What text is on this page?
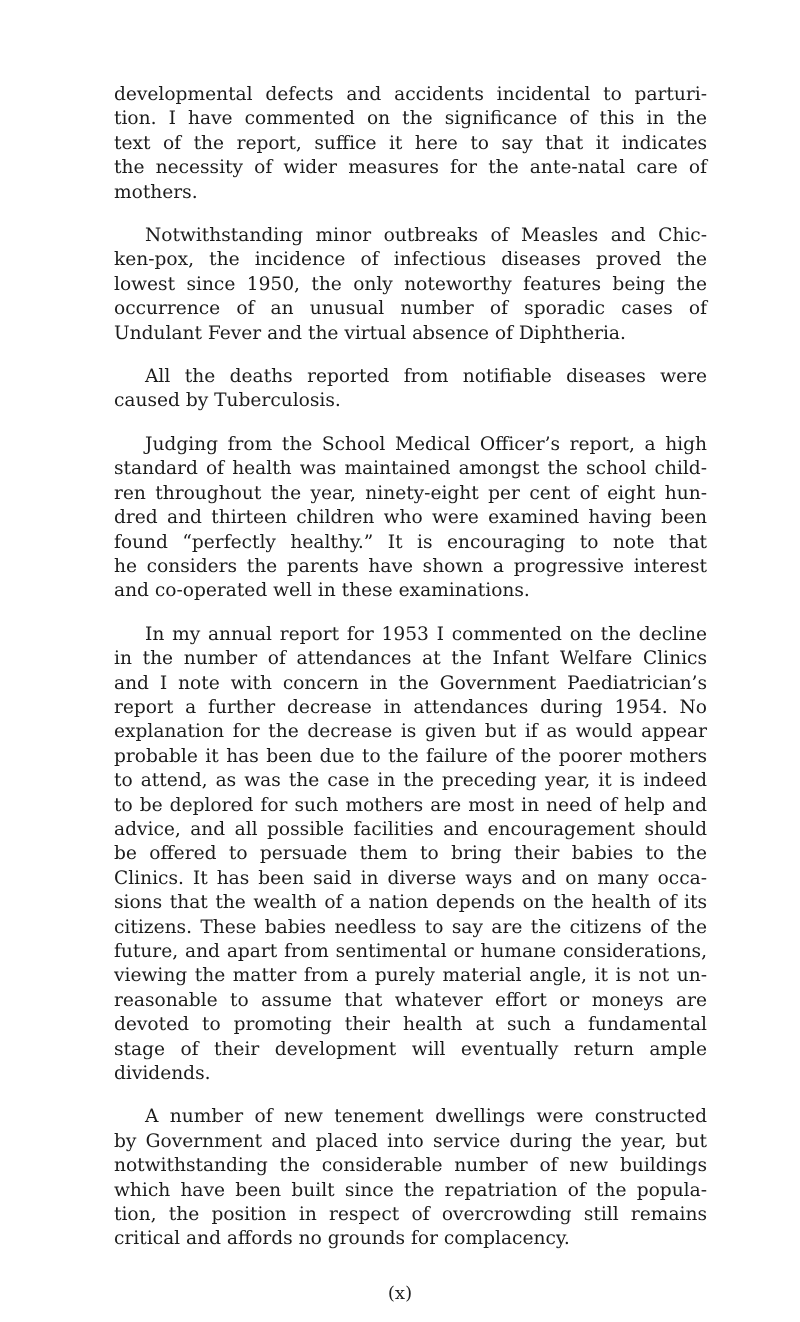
developmental defects and accidents incidental to parturi-
tion. I have commented on the significance of this in the
text of the report, suffice it here to say that it indicates
the necessity of wider measures for the ante-natal care of
mothers.

Notwithstanding minor outbreaks of Measles and Chic-
ken-pox, the incidence of infectious diseases proved the
lowest since 1950, the only noteworthy features being the
occurrence of an unusual number of sporadic cases of
Undulant Fever and the virtual absence of Diphtheria.

All the deaths reported from notifiable diseases were
caused by Tuberculosis.

Judging from the School Medical Officer’s report, a high
standard of health was maintained amongst the school child-
ren throughout the year, ninety-eight per cent of eight hun-
dred and thirteen children who were examined having been
found “perfectly healthy.” It is encouraging to note that
he considers the parents have shown a progressive interest
and co-operated well in these examinations.

In my annual report for 1953 I commented on the decline
in the number of attendances at the Infant Welfare Clinics
and I note with concern in the Government Paediatrician’s
report a further decrease in attendances during 1954. No
explanation for the decrease is given but if as would appear
probable it has been due to the failure of the poorer mothers
to attend, as was the case in the preceding year, it is indeed
to be deplored for such mothers are most in need of help and
advice, and all possible facilities and encouragement should
be offered to persuade them to bring their babies to the
Clinics. It has been said in diverse ways and on many occa-
sions that the wealth of a nation depends on the health of its
citizens. These babies needless to say are the citizens of the
future, and apart from sentimental or humane considerations,
viewing the matter from a purely material angle, it is not un-
reasonable to assume that whatever effort or moneys are
devoted to promoting their health at such a fundamental
stage of their development will eventually return ample
dividends.

A number of new tenement dwellings were constructed
by Government and placed into service during the year, but
notwithstanding the considerable number of new buildings
which have been built since the repatriation of the popula-
tion, the position in respect of overcrowding still remains
critical and affords no grounds for complacency.

(x)
